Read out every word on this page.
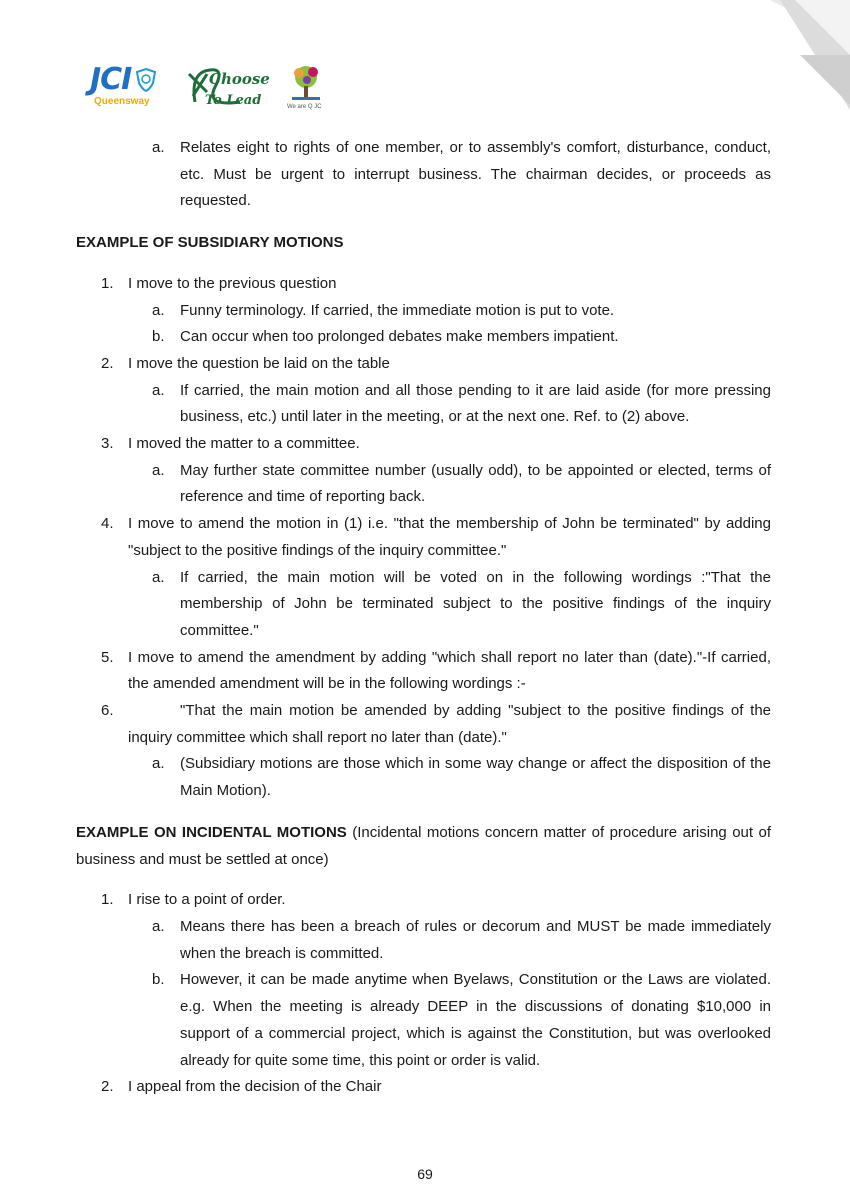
JCI
Queensway
Choose
To Lead	We are Q JC
a. Relates eight to rights of one member, or to assembly's comfort, disturbance, conduct, etc. Must be urgent to interrupt business. The chairman decides, or proceeds as requested.

EXAMPLE OF SUBSIDIARY MOTIONS

1. I move to the previous question
a. Funny terminology. If carried, the immediate motion is put to vote.
b. Can occur when too prolonged debates make members impatient.
2. I move the question be laid on the table
a. If carried, the main motion and all those pending to it are laid aside (for more pressing business, etc.) until later in the meeting, or at the next one. Ref. to (2) above.
3. I moved the matter to a committee.
a. May further state committee number (usually odd), to be appointed or elected, terms of reference and time of reporting back.
4. I move to amend the motion in (1) i.e. "that the membership of John be terminated" by adding "subject to the positive findings of the inquiry committee."
a. If carried, the main motion will be voted on in the following wordings :"That the membership of John be terminated subject to the positive findings of the inquiry committee."
5. I move to amend the amendment by adding "which shall report no later than (date)."-If carried, the amended amendment will be in the following wordings :-
6.	"That the main motion be amended by adding "subject to the positive findings of the inquiry committee which shall report no later than (date)."
a. (Subsidiary motions are those which in some way change or affect the disposition of the Main Motion).

EXAMPLE ON INCIDENTAL MOTIONS (Incidental motions concern matter of procedure arising out of business and must be settled at once)

1. I rise to a point of order.
a. Means there has been a breach of rules or decorum and MUST be made immediately when the breach is committed.
b. However, it can be made anytime when Byelaws, Constitution or the Laws are violated. e.g. When the meeting is already DEEP in the discussions of donating $10,000 in support of a commercial project, which is against the Constitution, but was overlooked already for quite some time, this point or order is valid.
2. I appeal from the decision of the Chair
69
